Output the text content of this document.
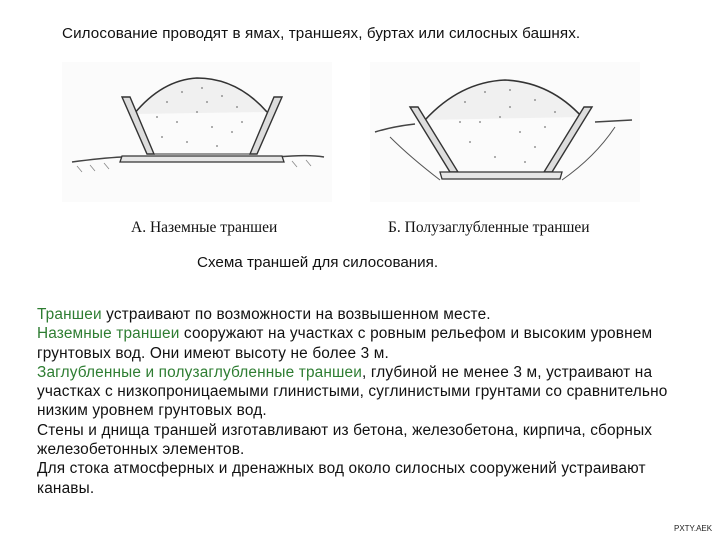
Силосование проводят в ямах, траншеях, буртах или силосных башнях.
А. Наземные траншеи	Б. Полузаглубленные траншеи
Схема траншей для силосования.

Траншеи устраивают по возможности на возвышенном месте.

Наземные траншеи сооружают на участках с ровным рельефом и высоким уровнем грунтовых вод. Они имеют высоту не более 3 м.

Заглубленные и полузаглубленные траншеи, глубиной не менее 3 м, устраивают на участках с низкопроницаемыми глинистыми, суглинистыми грунтами со сравнительно низким уровнем грунтовых вод.

Стены и днища траншей изготавливают из бетона, железобетона, кирпича, сборных железобетонных элементов.

Для стока атмосферных и дренажных вод около силосных сооружений устраивают канавы.

PXTY.AEK
